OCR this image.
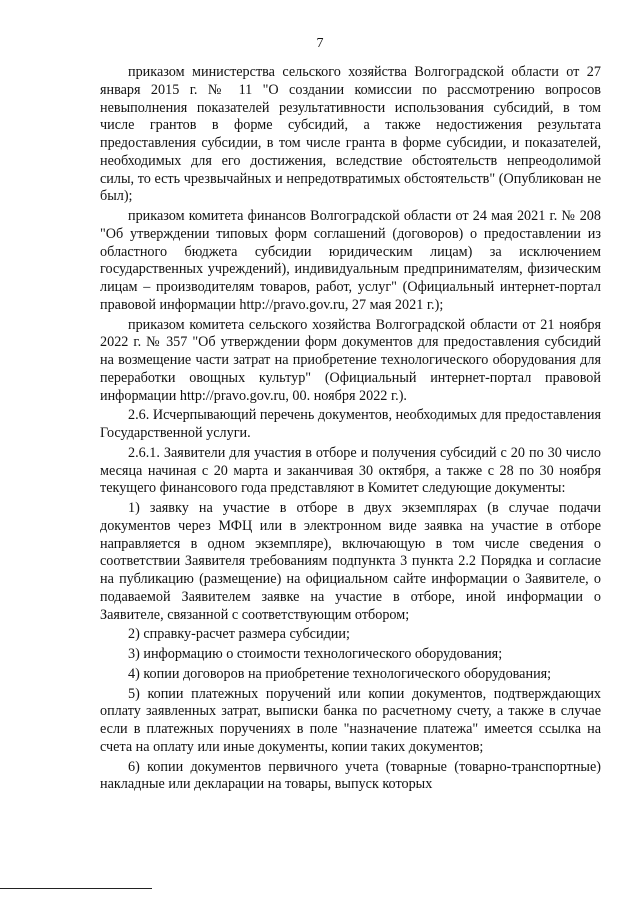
7

приказом министерства сельского хозяйства Волгоградской области от 27 января 2015 г. № 11 "О создании комиссии по рассмотрению вопросов невыполнения показателей результативности использования субсидий, в том числе грантов в форме субсидий, а также недостижения результата предоставления субсидии, в том числе гранта в форме субсидии, и показателей, необходимых для его достижения, вследствие обстоятельств непреодолимой силы, то есть чрезвычайных и непредотвратимых обстоятельств" (Опубликован не был);

приказом комитета финансов Волгоградской области от 24 мая 2021 г. № 208 "Об утверждении типовых форм соглашений (договоров) о предоставлении из областного бюджета субсидии юридическим лицам) за исключением государственных учреждений), индивидуальным предпринимателям, физическим лицам – производителям товаров, работ, услуг" (Официальный интернет-портал правовой информации http://pravo.gov.ru, 27 мая 2021 г.);

приказом комитета сельского хозяйства Волгоградской области от 21 ноября 2022 г. № 357 "Об утверждении форм документов для предоставления субсидий на возмещение части затрат на приобретение технологического оборудования для переработки овощных культур" (Официальный интернет-портал правовой информации http://pravo.gov.ru, 00. ноября 2022 г.).

2.6. Исчерпывающий перечень документов, необходимых для предоставления Государственной услуги.

2.6.1. Заявители для участия в отборе и получения субсидий с 20 по 30 число месяца начиная с 20 марта и заканчивая 30 октября, а также с 28 по 30 ноября текущего финансового года представляют в Комитет следующие документы:

1) заявку на участие в отборе в двух экземплярах (в случае подачи документов через МФЦ или в электронном виде заявка на участие в отборе направляется в одном экземпляре), включающую в том числе сведения о соответствии Заявителя требованиям подпункта 3 пункта 2.2 Порядка и согласие на публикацию (размещение) на официальном сайте информации о Заявителе, о подаваемой Заявителем заявке на участие в отборе, иной информации о Заявителе, связанной с соответствующим отбором;

2) справку-расчет размера субсидии;

3) информацию о стоимости технологического оборудования;

4) копии договоров на приобретение технологического оборудования;

5) копии платежных поручений или копии документов, подтверждающих оплату заявленных затрат, выписки банка по расчетному счету, а также в случае если в платежных поручениях в поле "назначение платежа" имеется ссылка на счета на оплату или иные документы, копии таких документов;

6) копии документов первичного учета (товарные (товарно-транспортные) накладные или декларации на товары, выпуск которых
